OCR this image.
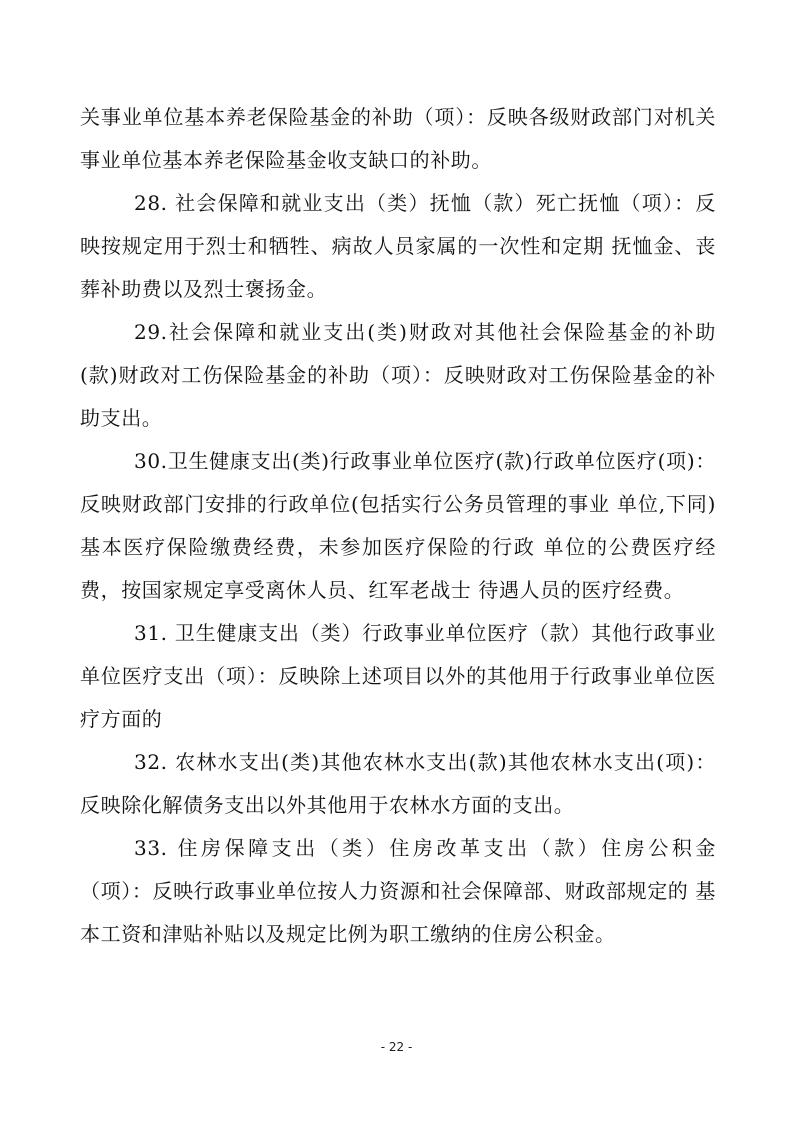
关事业单位基本养老保险基金的补助（项）：反映各级财政部门对机关事业单位基本养老保险基金收支缺口的补助。

28. 社会保障和就业支出（类）抚恤（款）死亡抚恤（项）：反映按规定用于烈士和牺牲、病故人员家属的一次性和定期 抚恤金、丧葬补助费以及烈士褒扬金。

29.社会保障和就业支出(类)财政对其他社会保险基金的补助(款)财政对工伤保险基金的补助（项）：反映财政对工伤保险基金的补助支出。

30.卫生健康支出(类)行政事业单位医疗(款)行政单位医疗(项)：反映财政部门安排的行政单位(包括实行公务员管理的事业 单位,下同)基本医疗保险缴费经费，未参加医疗保险的行政 单位的公费医疗经费，按国家规定享受离休人员、红军老战士 待遇人员的医疗经费。

31. 卫生健康支出（类）行政事业单位医疗（款）其他行政事业单位医疗支出（项）：反映除上述项目以外的其他用于行政事业单位医疗方面的

32. 农林水支出(类)其他农林水支出(款)其他农林水支出(项)：反映除化解债务支出以外其他用于农林水方面的支出。

33. 住房保障支出（类）住房改革支出（款）住房公积金（项）：反映行政事业单位按人力资源和社会保障部、财政部规定的 基本工资和津贴补贴以及规定比例为职工缴纳的住房公积金。

- 22 -
